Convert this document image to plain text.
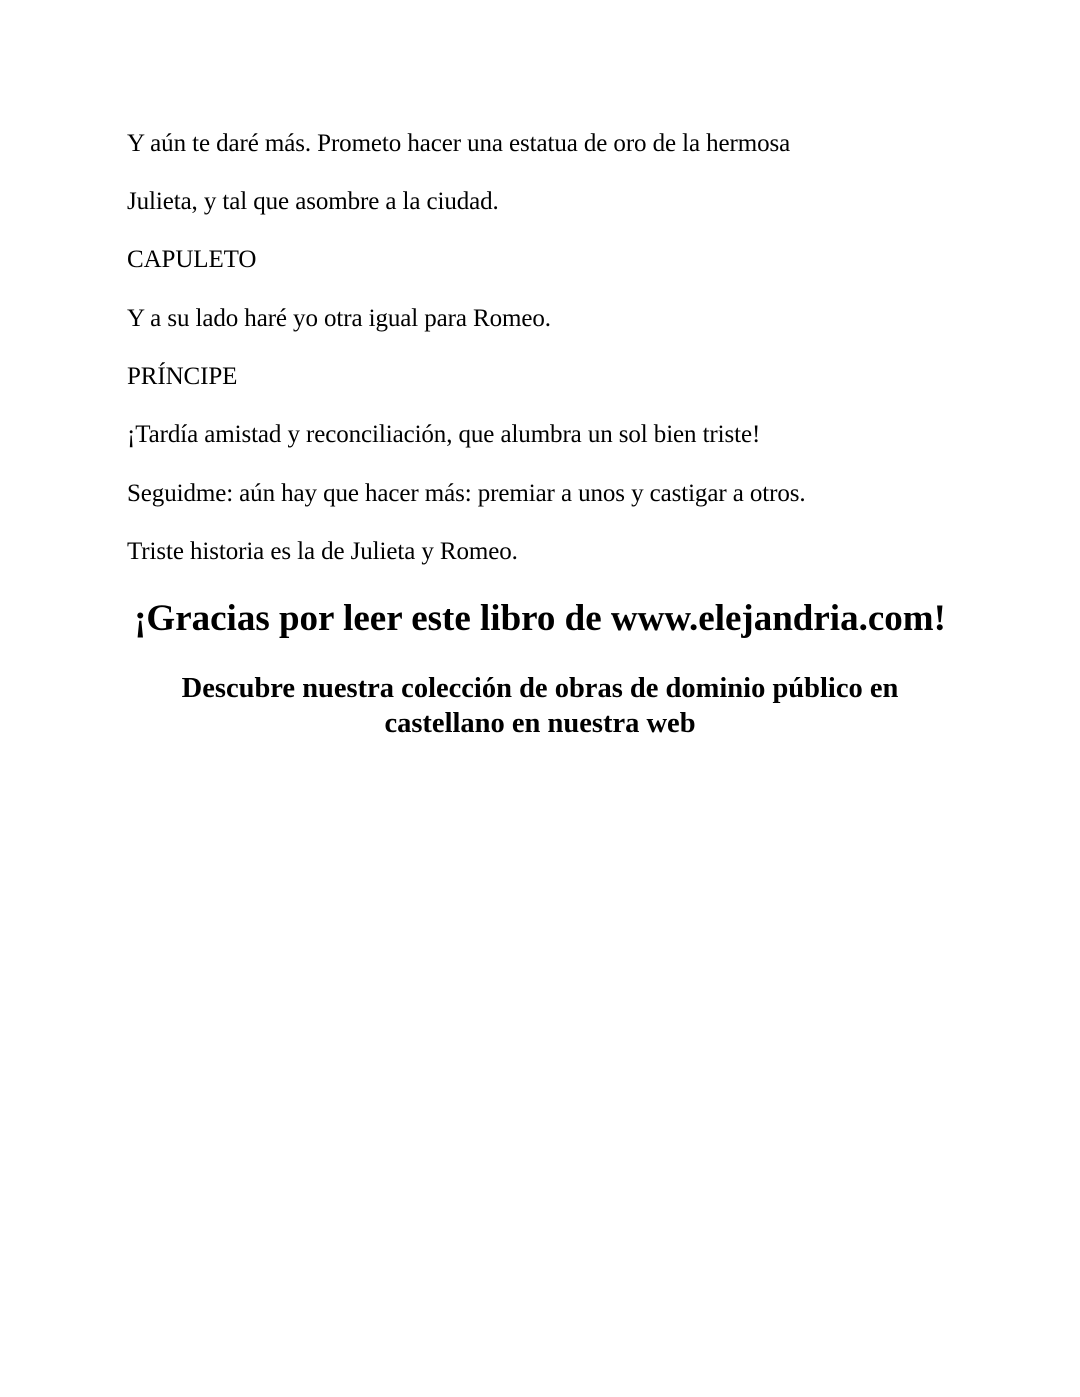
Y aún te daré más. Prometo hacer una estatua de oro de la hermosa
Julieta, y tal que asombre a la ciudad.
CAPULETO
Y a su lado haré yo otra igual para Romeo.
PRÍNCIPE
¡Tardía amistad y reconciliación, que alumbra un sol bien triste!
Seguidme: aún hay que hacer más: premiar a unos y castigar a otros.
Triste historia es la de Julieta y Romeo.
¡Gracias por leer este libro de www.elejandria.com!
Descubre nuestra colección de obras de dominio público en
castellano en nuestra web
